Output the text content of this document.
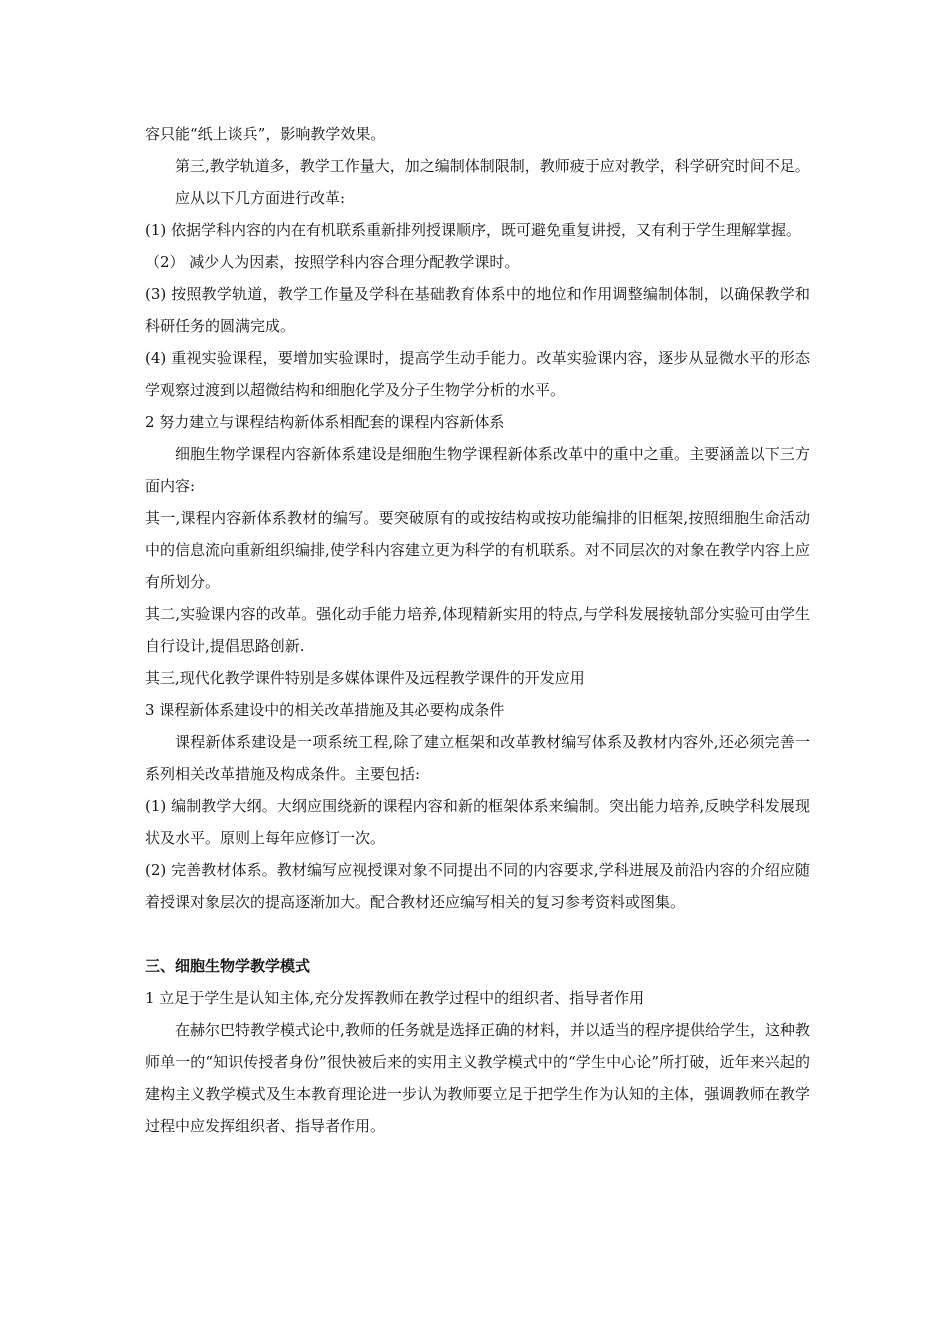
容只能“纸上谈兵”，影响教学效果。

第三,教学轨道多，教学工作量大，加之编制体制限制，教师疲于应对教学，科学研究时间不足。

应从以下几方面进行改革:

(1) 依据学科内容的内在有机联系重新排列授课顺序，既可避免重复讲授，又有利于学生理解掌握。

（2） 减少人为因素，按照学科内容合理分配教学课时。

(3) 按照教学轨道，教学工作量及学科在基础教育体系中的地位和作用调整编制体制，以确保教学和科研任务的圆满完成。

(4) 重视实验课程，要增加实验课时，提高学生动手能力。改革实验课内容，逐步从显微水平的形态学观察过渡到以超微结构和细胞化学及分子生物学分析的水平。

2 努力建立与课程结构新体系相配套的课程内容新体系

细胞生物学课程内容新体系建设是细胞生物学课程新体系改革中的重中之重。主要涵盖以下三方面内容:

其一,课程内容新体系教材的编写。要突破原有的或按结构或按功能编排的旧框架,按照细胞生命活动中的信息流向重新组织编排,使学科内容建立更为科学的有机联系。对不同层次的对象在教学内容上应有所划分。

其二,实验课内容的改革。强化动手能力培养,体现精新实用的特点,与学科发展接轨部分实验可由学生自行设计,提倡思路创新.

其三,现代化教学课件特别是多媒体课件及远程教学课件的开发应用

3 课程新体系建设中的相关改革措施及其必要构成条件

课程新体系建设是一项系统工程,除了建立框架和改革教材编写体系及教材内容外,还必须完善一系列相关改革措施及构成条件。主要包括:

(1) 编制教学大纲。大纲应围绕新的课程内容和新的框架体系来编制。突出能力培养,反映学科发展现状及水平。原则上每年应修订一次。

(2) 完善教材体系。教材编写应视授课对象不同提出不同的内容要求,学科进展及前沿内容的介绍应随着授课对象层次的提高逐渐加大。配合教材还应编写相关的复习参考资料或图集。

三、细胞生物学教学模式

1 立足于学生是认知主体,充分发挥教师在教学过程中的组织者、指导者作用

在赫尔巴特教学模式论中,教师的任务就是选择正确的材料，并以适当的程序提供给学生，这种教师单一的“知识传授者身份”很快被后来的实用主义教学模式中的“学生中心论”所打破，近年来兴起的建构主义教学模式及生本教育理论进一步认为教师要立足于把学生作为认知的主体，强调教师在教学过程中应发挥组织者、指导者作用。
